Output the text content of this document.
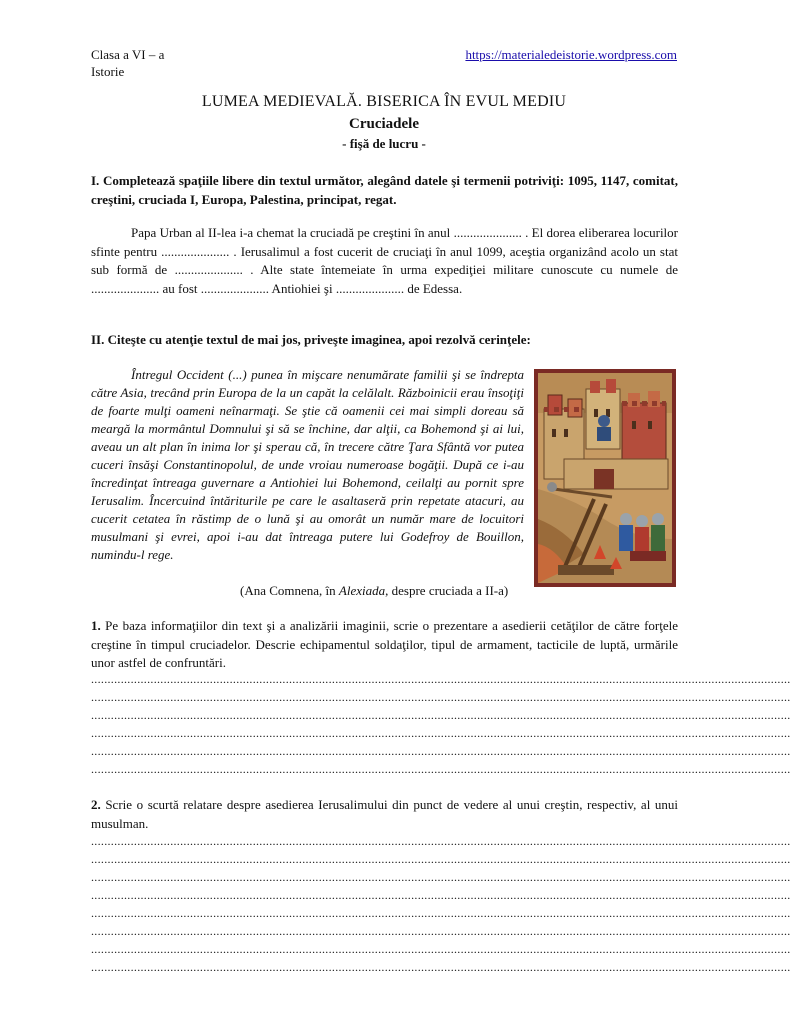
Clasa a VI – a
Istorie
https://materialedeistorie.wordpress.com
LUMEA MEDIEVALĂ. BISERICA ÎN EVUL MEDIU
Cruciadele
- fişă de lucru -
I. Completează spaţiile libere din textul următor, alegând datele şi termenii potriviţi: 1095, 1147, comitat, creştini, cruciada I, Europa, Palestina, principat, regat.
Papa Urban al II-lea i-a chemat la cruciadă pe creştini în anul ..................... . El dorea eliberarea locurilor sfinte pentru ..................... . Ierusalimul a fost cucerit de cruciaţi în anul 1099, aceştia organizând acolo un stat sub formă de ..................... . Alte state întemeiate în urma expediţiei militare cunoscute cu numele de ..................... au fost ..................... Antiohiei şi ..................... de Edessa.
II. Citeşte cu atenţie textul de mai jos, priveşte imaginea, apoi rezolvă cerinţele:
Întregul Occident (...) punea în mişcare nenumărate familii şi se îndrepta către Asia, trecând prin Europa de la un capăt la celălalt. Războinicii erau însoţiţi de foarte mulţi oameni neînarmaţi. Se ştie că oamenii cei mai simpli doreau să meargă la mormântul Domnului şi să se închine, dar alţii, ca Bohemond şi ai lui, aveau un alt plan în inima lor şi sperau că, în trecere către Ţara Sfântă vor putea cuceri însăşi Constantinopolul, de unde vroiau numeroase bogăţii. După ce i-au încredinţat întreaga guvernare a Antiohiei lui Bohemond, ceilalţi au pornit spre Ierusalim. Încercuind întăriturile pe care le asaltaseră prin repetate atacuri, au cucerit cetatea în răstimp de o lună şi au omorât un număr mare de locuitori musulmani şi evrei, apoi i-au dat întreaga putere lui Godefroy de Bouillon, numindu-l rege.
(Ana Comnena, în Alexiada, despre cruciada a II-a)
1. Pe baza informaţiilor din text şi a analizării imaginii, scrie o prezentare a asedierii cetăţilor de către forţele creştine în timpul cruciadelor. Descrie echipamentul soldaţilor, tipul de armament, tacticile de luptă, urmările unor astfel de confruntări.
....................................................................................................................................................................................................................
....................................................................................................................................................................................................................
....................................................................................................................................................................................................................
....................................................................................................................................................................................................................
....................................................................................................................................................................................................................
....................................................................................................................................................................................................................
2. Scrie o scurtă relatare despre asedierea Ierusalimului din punct de vedere al unui creştin, respectiv, al unui musulman.
....................................................................................................................................................................................................................
....................................................................................................................................................................................................................
....................................................................................................................................................................................................................
....................................................................................................................................................................................................................
....................................................................................................................................................................................................................
....................................................................................................................................................................................................................
....................................................................................................................................................................................................................
....................................................................................................................................................................................................................
